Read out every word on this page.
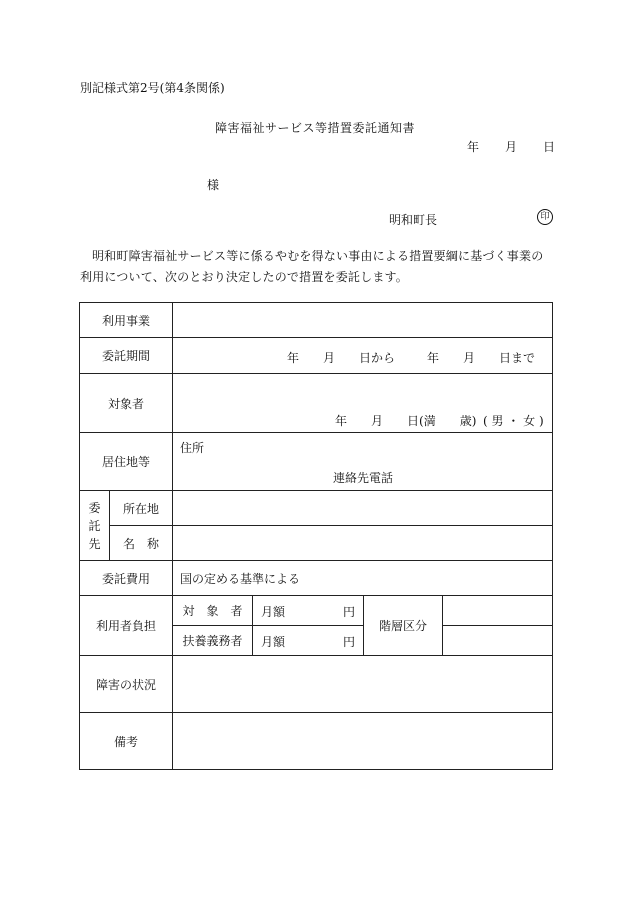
別記様式第2号(第4条関係)
障害福祉サービス等措置委託通知書
年 月 日
様
明和町長	印
明和町障害福祉サービス等に係るやむを得ない事由による措置要綱に基づく事業の利用について、次のとおり決定したので措置を委託します。
利用事業					
委託期間		年　　月　　日から 年　　月　　日まで			

対象者		年　　月　　日(満　　歳) ( 男 ・ 女 )			

居住地等		住所
連絡先電話			

委
託
先	所在地				
	名　称				
委託費用		国の定める基準による			
利用者負担		対　象　者	月額 円	階層区分	
		扶養義務者	月額 円		

障害の状況					
備考					
